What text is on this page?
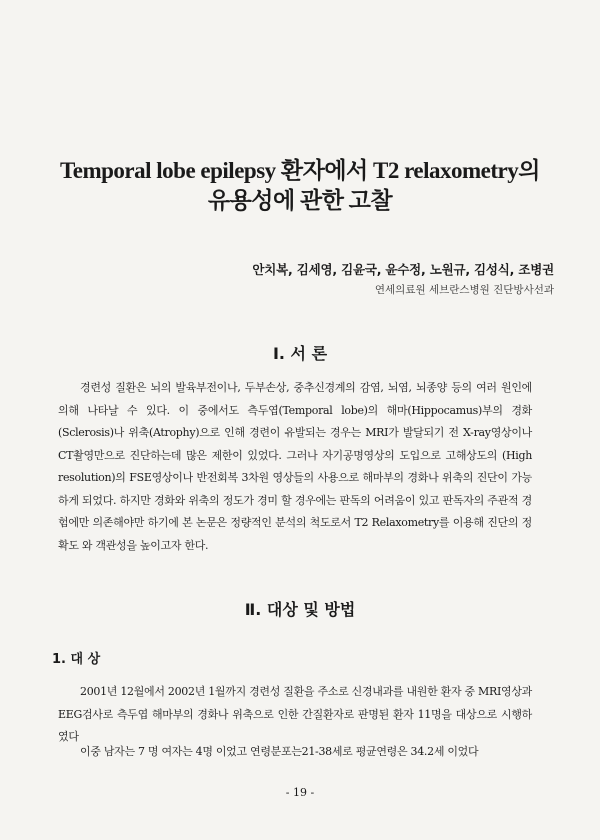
Temporal lobe epilepsy 환자에서 T2 relaxometry의
유용성에 관한 고찰
안치복, 김세영, 김윤국, 윤수정, 노원규, 김성식, 조병권
연세의료원 세브란스병원 진단방사선과
Ⅰ. 서 론
경련성 질환은 뇌의 발육부전이나, 두부손상, 중추신경계의 감염, 뇌염, 뇌종양 등의 여러 원인에 의해 나타날 수 있다. 이 중에서도 측두엽(Temporal lobe)의 해마(Hippocamus)부의 경화(Sclerosis)나 위축(Atrophy)으로 인해 경련이 유발되는 경우는 MRI가 발달되기 전 X-ray영상이나 CT촬영만으로 진단하는데 많은 제한이 있었다. 그러나 자기공명영상의 도입으로 고해상도의 (High resolution)의 FSE영상이나 반전회복 3차원 영상들의 사용으로 해마부의 경화나 위축의 진단이 가능하게 되었다. 하지만 경화와 위축의 정도가 경미 할 경우에는 판독의 어려움이 있고 판독자의 주관적 경험에만 의존해야만 하기에 본 논문은 정량적인 분석의 척도로서 T2 Relaxometry를 이용해 진단의 정확도 와 객관성을 높이고자 한다.
Ⅱ. 대상 및 방법
1. 대 상
2001년 12월에서 2002년 1월까지 경련성 질환을 주소로 신경내과를 내원한 환자 중 MRI영상과EEG검사로 측두엽 해마부의 경화나 위축으로 인한 간질환자로 판명된 환자 11명을 대상으로 시행하였다
이중 남자는 7 명 여자는 4명 이었고 연령분포는21-38세로 평균연령은 34.2세 이었다
- 19 -
